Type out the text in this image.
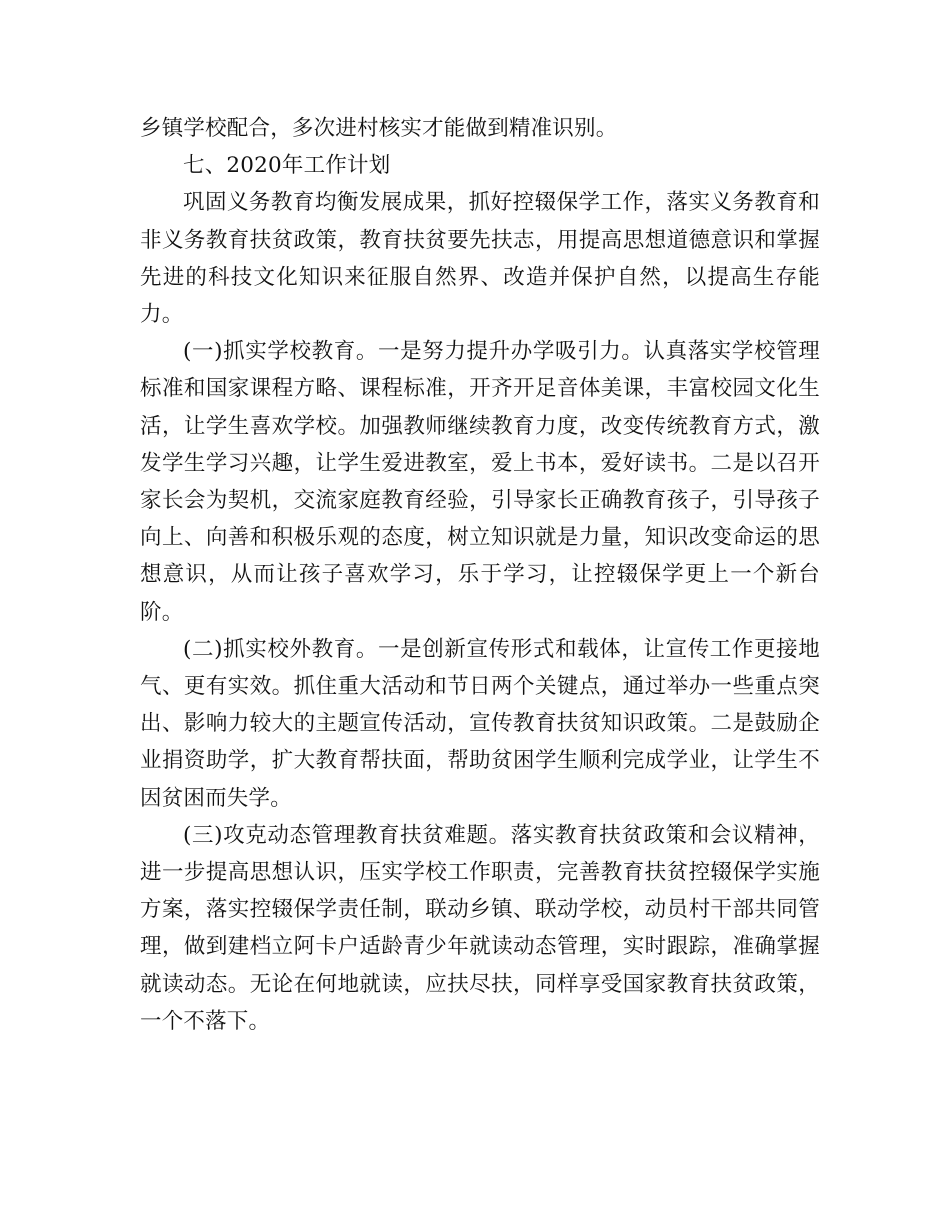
乡镇学校配合，多次进村核实才能做到精准识别。

七、2020年工作计划

巩固义务教育均衡发展成果，抓好控辍保学工作，落实义务教育和非义务教育扶贫政策，教育扶贫要先扶志，用提高思想道德意识和掌握先进的科技文化知识来征服自然界、改造并保护自然，以提高生存能力。

(一)抓实学校教育。一是努力提升办学吸引力。认真落实学校管理标准和国家课程方略、课程标准，开齐开足音体美课，丰富校园文化生活，让学生喜欢学校。加强教师继续教育力度，改变传统教育方式，激发学生学习兴趣，让学生爱进教室，爱上书本，爱好读书。二是以召开家长会为契机，交流家庭教育经验，引导家长正确教育孩子，引导孩子向上、向善和积极乐观的态度，树立知识就是力量，知识改变命运的思想意识，从而让孩子喜欢学习，乐于学习，让控辍保学更上一个新台阶。

(二)抓实校外教育。一是创新宣传形式和载体，让宣传工作更接地气、更有实效。抓住重大活动和节日两个关键点，通过举办一些重点突出、影响力较大的主题宣传活动，宣传教育扶贫知识政策。二是鼓励企业捐资助学，扩大教育帮扶面，帮助贫困学生顺利完成学业，让学生不因贫困而失学。

(三)攻克动态管理教育扶贫难题。落实教育扶贫政策和会议精神，进一步提高思想认识，压实学校工作职责，完善教育扶贫控辍保学实施方案，落实控辍保学责任制，联动乡镇、联动学校，动员村干部共同管理，做到建档立阿卡户适龄青少年就读动态管理，实时跟踪，准确掌握就读动态。无论在何地就读，应扶尽扶，同样享受国家教育扶贫政策，一个不落下。
